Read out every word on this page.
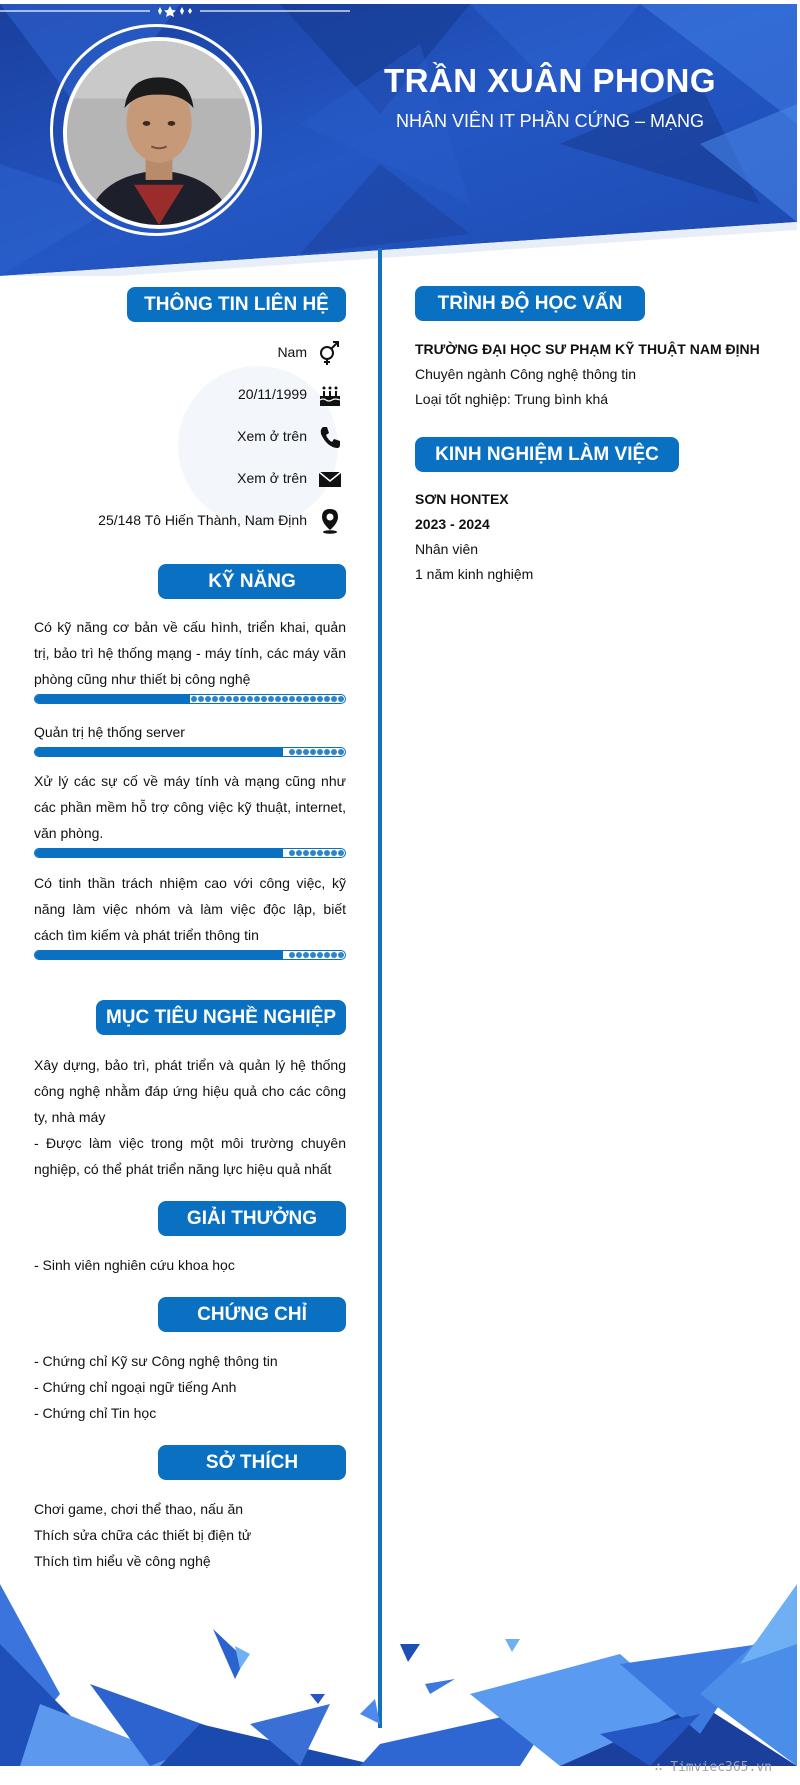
TRẦN XUÂN PHONG
NHÂN VIÊN IT PHẦN CỨNG – MẠNG
THÔNG TIN LIÊN HỆ
Nam
20/11/1999
Xem ở trên
Xem ở trên
25/148 Tô Hiến Thành, Nam Định
KỸ NĂNG
Có kỹ năng cơ bản về cấu hình, triển khai, quản trị, bảo trì hệ thống mạng - máy tính, các máy văn phòng cũng như thiết bị công nghệ
Quản trị hệ thống server
Xử lý các sự cố về máy tính và mạng cũng như các phần mềm hỗ trợ công việc kỹ thuật, internet, văn phòng.
Có tinh thần trách nhiệm cao với công việc, kỹ năng làm việc nhóm và làm việc độc lập, biết cách tìm kiếm và phát triển thông tin
MỤC TIÊU NGHỀ NGHIỆP
Xây dựng, bảo trì, phát triển và quản lý hệ thống công nghệ nhằm đáp ứng hiệu quả cho các công ty, nhà máy
- Được làm việc trong một môi trường chuyên nghiệp, có thể phát triển năng lực hiệu quả nhất
GIẢI THƯỞNG
- Sinh viên nghiên cứu khoa học
CHỨNG CHỈ
- Chứng chỉ Kỹ sư Công nghệ thông tin
- Chứng chỉ ngoại ngữ tiếng Anh
- Chứng chỉ Tin học
SỞ THÍCH
Chơi game, chơi thể thao, nấu ăn
Thích sửa chữa các thiết bị điện tử
Thích tìm hiểu về công nghệ
TRÌNH ĐỘ HỌC VẤN
TRƯỜNG ĐẠI HỌC SƯ PHẠM KỸ THUẬT NAM ĐỊNH
Chuyên ngành Công nghệ thông tin
Loại tốt nghiệp: Trung bình khá
KINH NGHIỆM LÀM VIỆC
SƠN HONTEX
2023 - 2024
Nhân viên
1 năm kinh nghiệm
∴ Timviec365.vn
